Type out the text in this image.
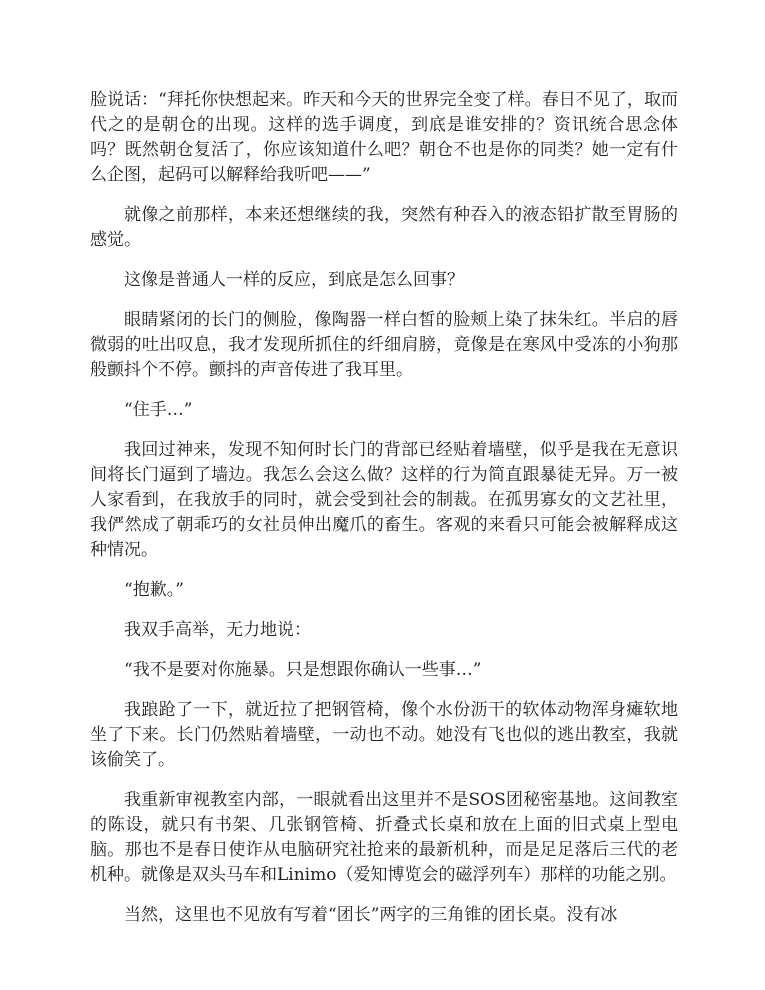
脸说话：“拜托你快想起来。昨天和今天的世界完全变了样。春日不见了，取而代之的是朝仓的出现。这样的选手调度，到底是谁安排的？资讯统合思念体吗？既然朝仓复活了，你应该知道什么吧？朝仓不也是你的同类？她一定有什么企图，起码可以解释给我听吧——”

就像之前那样，本来还想继续的我，突然有种吞入的液态铅扩散至胃肠的感觉。

这像是普通人一样的反应，到底是怎么回事？

眼睛紧闭的长门的侧脸，像陶器一样白皙的脸颊上染了抹朱红。半启的唇微弱的吐出叹息，我才发现所抓住的纤细肩膀，竟像是在寒风中受冻的小狗那般颤抖个不停。颤抖的声音传进了我耳里。

“住手…”

我回过神来，发现不知何时长门的背部已经贴着墙壁，似乎是我在无意识间将长门逼到了墙边。我怎么会这么做？这样的行为简直跟暴徒无异。万一被人家看到，在我放手的同时，就会受到社会的制裁。在孤男寡女的文艺社里，我俨然成了朝乖巧的女社员伸出魔爪的畜生。客观的来看只可能会被解释成这种情况。

“抱歉。”

我双手高举，无力地说：

“我不是要对你施暴。只是想跟你确认一些事…”

我踉跄了一下，就近拉了把钢管椅，像个水份沥干的软体动物浑身瘫软地坐了下来。长门仍然贴着墙壁，一动也不动。她没有飞也似的逃出教室，我就该偷笑了。

我重新审视教室内部，一眼就看出这里并不是SOS团秘密基地。这间教室的陈设，就只有书架、几张钢管椅、折叠式长桌和放在上面的旧式桌上型电脑。那也不是春日使诈从电脑研究社抢来的最新机种，而是足足落后三代的老机种。就像是双头马车和Linimo（爱知博览会的磁浮列车）那样的功能之别。

当然，这里也不见放有写着“团长”两字的三角锥的团长桌。没有冰
